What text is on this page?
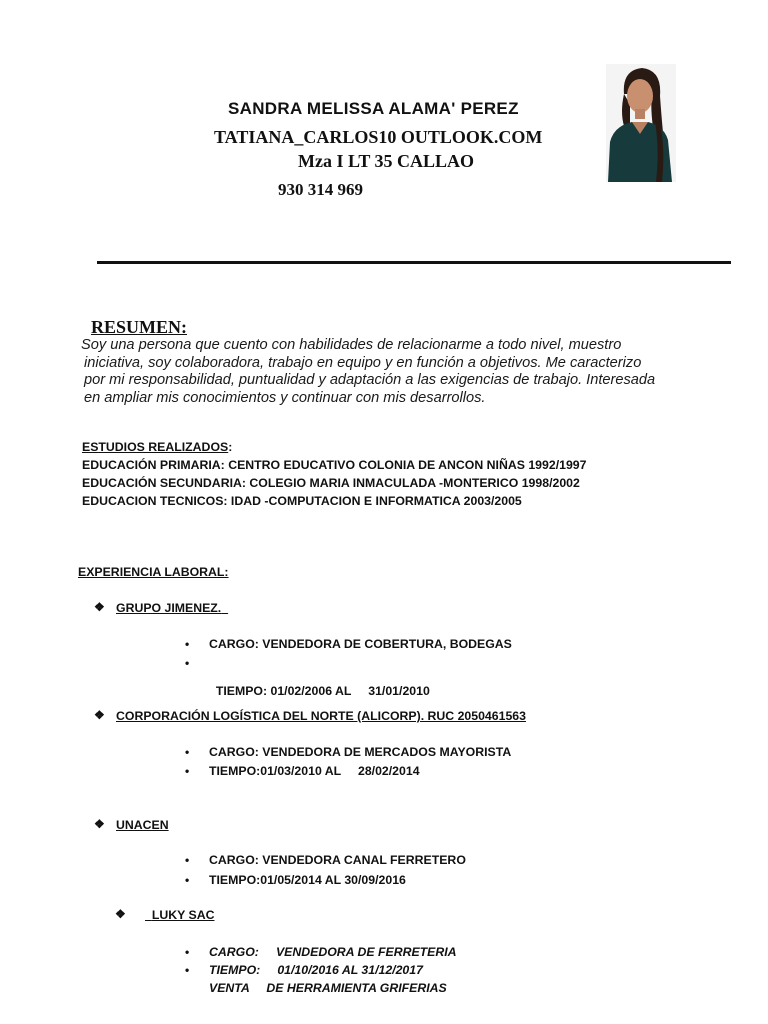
SANDRA MELISSA ALAMA' PEREZ
TATIANA_CARLOS10 OUTLOOK.COM
Mza I LT 35 CALLAO
930 314 969
RESUMEN:
Soy una persona que cuento con habilidades de relacionarme a todo nivel, muestro
iniciativa, soy colaboradora, trabajo en equipo y en función a objetivos. Me caracterizo
por mi responsabilidad, puntualidad y adaptación a las exigencias de trabajo. Interesada
en ampliar mis conocimientos y continuar con mis desarrollos.
ESTUDIOS REALIZADOS:
EDUCACIÓN PRIMARIA: CENTRO EDUCATIVO COLONIA DE ANCON NIÑAS 1992/1997
EDUCACIÓN SECUNDARIA: COLEGIO MARIA INMACULADA -MONTERICO 1998/2002
EDUCACION TECNICOS: IDAD -COMPUTACION E INFORMATICA 2003/2005
EXPERIENCIA LABORAL:
❖ GRUPO JIMENEZ.
• CARGO: VENDEDORA DE COBERTURA, BODEGAS

•

TIEMPO: 01/02/2006 AL     31/01/2010

❖ CORPORACIÓN LOGÍSTICA DEL NORTE (ALICORP). RUC 2050461563
• CARGO: VENDEDORA DE MERCADOS MAYORISTA
• TIEMPO:01/03/2010 AL     28/02/2014
❖ UNACEN
• CARGO: VENDEDORA CANAL FERRETERO
• TIEMPO:01/05/2014 AL 30/09/2016
❖ LUKY SAC
• CARGO:     VENDEDORA DE FERRETERIA
• TIEMPO:     01/10/2016 AL 31/12/2017
VENTA     DE HERRAMIENTA GRIFERIAS
